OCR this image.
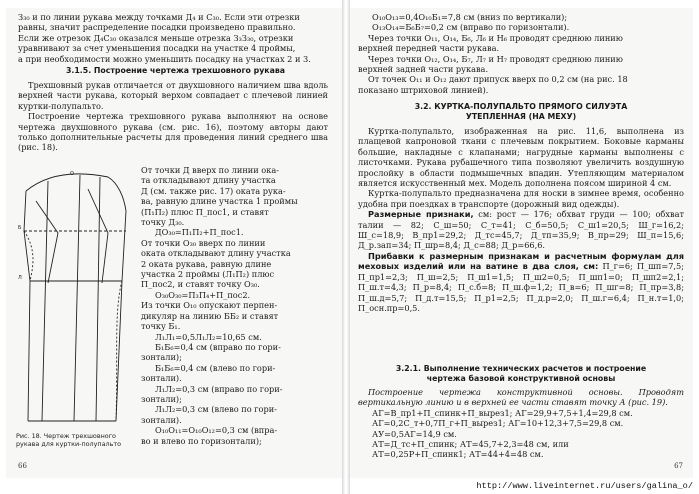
З₃₀ и по линии рукава между точками Д₄ и С₃₀. Если эти отрезки

равны, значит распределение посадки произведено правильно.

Если же отрезок Д₄С₃₀ оказался меньше отрезка З₃З₃₀, отрезки

уравнивают за счет уменьшения посадки на участке 4 проймы,

а при необходимости можно уменьшить посадку на участках 2 и 3.

3.1.5. Построение чертежа трехшовного рукава

Трехшовный рукав отличается от двухшовного наличием шва вдоль верхней части рукава, который верхом совпадает с плечевой линией куртки-полупальто.

Построение чертежа трехшовного рукава выполняют на основе чертежа двухшовного рукава (см. рис. 16), поэтому авторы дают только дополнительные расчеты для проведения линий среднего шва (рис. 18).

Б
Л
О
Рис. 18. Чертеж трехшовного рукава для куртки-полупальто

От точки Д вверх по линии ока-

та откладывают длину участка

Д (см. также рис. 17) оката рука-

ва, равную длине участка 1 проймы

(П₁П₂) плюс П_пос1, и ставят

точку Д₃₀.

ДО₃₀=П₁П₂+П_пос1.

От точки О₃₀ вверх по линии

оката откладывают длину участка

2 оката рукава, равную длине

участка 2 проймы (Л₁П₂) плюс

П_пос2, и ставят точку О₃₀.

О₃₀О₃₀=П₃П₄+П_пос2.

Из точки О₁₀ опускают перпен-

дикуляр на линию ББ₂ и ставят

точку Б₁.

Л₁Л₁=0,5Л₁Л₂=10,65 см.

Б₁Б₆=0,4 см (вправо по гори-

зонтали);

Б₁Б₆=0,4 см (влево по гори-

зонтали).

Л₁Л₂=0,3 см (вправо по гори-

зонтали);

Л₁Л₂=0,3 см (влево по гори-

зонтали).

О₁₀О₁₁=О₁₀О₁₂=0,3 см (впра-

во и влево по горизонтали);

66

О₁₀О₁₃=0,4О₁₀Б₁=7,8 см (вниз по вертикали);

О₁₃О₁₄=Б₆Б₇=0,2 см (вправо по горизонтали).

Через точки О₁₁, О₁₄, Б₆, Л₆ и Н₆ проводят среднюю линию

верхней передней части рукава.

Через точки О₁₂, О₁₄, Б₇, Л₇ и Н₇ проводят среднюю линию

верхней задней части рукава.

От точек О₁₁ и О₁₂ дают припуск вверх по 0,2 см (на рис. 18

показано штриховой линией).

3.2. КУРТКА-ПОЛУПАЛЬТО ПРЯМОГО СИЛУЭТА
УТЕПЛЕННАЯ (НА МЕХУ)

Куртка-полупальто, изображенная на рис. 11,6, выполнена из плащевой капроновой ткани с плечевым покрытием. Боковые карманы большие, накладные с клапанами; нагрудные карманы выполнены с листочками. Рукава рубашечного типа позволяют увеличить воздушную прослойку в области подмышечных впадин. Утепляющим материалом является искусственный мех. Модель дополнена поясом шириной 4 см.

Куртка-полупальто предназначена для носки в зимнее время, особенно удобна при поездках в транспорте (дорожный вид одежды).

Размерные признаки, см: рост — 176; обхват груди — 100; обхват талии — 82; С_ш=50; С_т=41; С_б=50,5; С_ш1=20,5; Ш_г=16,2; Ш_с=18,9; В_пр1=29,2; Д_тс=45,7; Д_тп=35,9; В_пр=29; Ш_п=15,6; Д_р.зап=34; П_шр=8,4; Д_с=88; Д_р=66,6.

Прибавки к размерным признакам и расчетным формулам для меховых изделий или на ватине в два слоя, см: П_г=6; П_шп=7,5; П_пр1=2,3; П_ш=2,5; П_ш1=1,5; П_ш2=0,5; П_шп1=0; П_шп2=2,1; П_ш.т=4,3; П_р=8,4; П_с.б=8; П_ш.ф=1,2; П_в=6; П_шг=8; П_пр=3,8; П_ш.д=5,7; П_д.т=15,5; П_р1=2,5; П_д.р=2,0; П_ш.г=6,4; П_н.т=1,0; П_осн.пр=0,5.

3.2.1. Выполнение технических расчетов и построение
чертежа базовой конструктивной основы

Построение чертежа конструктивной основы. Проводят вертикальную линию и в верхней ее части ставят точку А (рис. 19).

АГ=В_пр1+П_спинк+П_вырез1; АГ=29,9+7,5+1,4=29,8 см.

АГ=0,2С_т+0,7П_г+П_вырез1; АГ=10+12,3+7,5=29,8 см.

АУ=0,5АГ=14,9 см.

АТ=Д_тс+П_спинк; АТ=45,7+2,3=48 см, или

АТ=0,25Р+П_спинк1; АТ=44+4=48 см.

67
http://www.liveinternet.ru/users/galina_o/
